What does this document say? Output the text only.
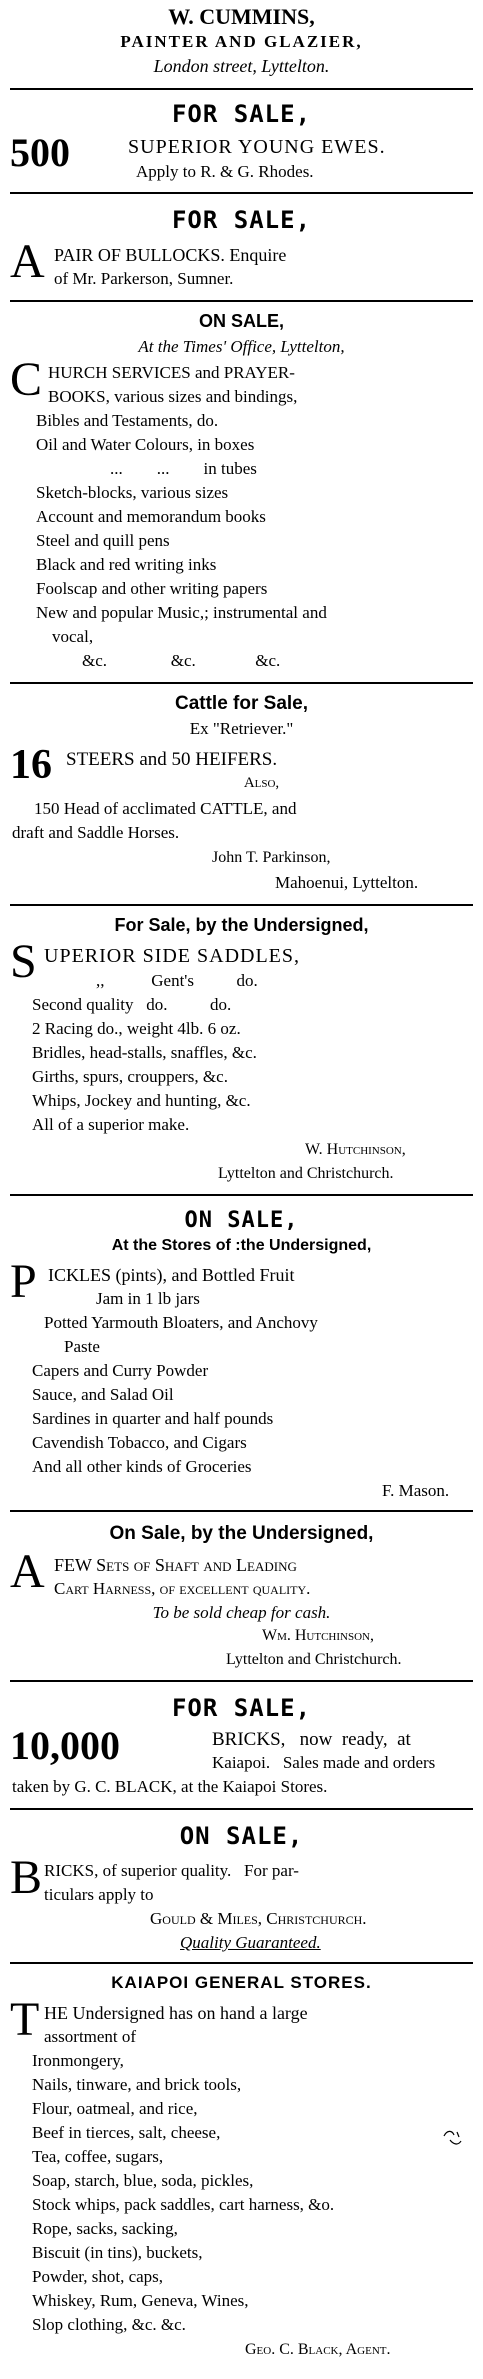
W. CUMMINS,
PAINTER AND GLAZIER,
London street, Lyttelton.
FOR SALE,
500	SUPERIOR YOUNG EWES.
Apply to R. & G. Rhodes.
FOR SALE,
A PAIR OF BULLOCKS. Enquire
of Mr. Parkerson, Sumner.
ON SALE,
At the Times' Office, Lyttelton,
C HURCH SERVICES and PRAYER-
BOOKS, various sizes and bindings,
Bibles and Testaments, do.
Oil and Water Colours, in boxes
...        ...        in tubes
Sketch-blocks, various sizes
Account and memorandum books
Steel and quill pens
Black and red writing inks
Foolscap and other writing papers
New and popular Music,; instrumental and
vocal,
&c.               &c.              &c.
Cattle for Sale,
Ex "Retriever."
16 STEERS and 50 HEIFERS.
Also,
150 Head of acclimated CATTLE, and
draft and Saddle Horses.
John T. Parkinson,
Mahoenui, Lyttelton.
For Sale, by the Undersigned,
S UPERIOR SIDE SADDLES,
,,           Gent's          do.
Second quality   do.          do.
2 Racing do., weight 4lb. 6 oz.
Bridles, head-stalls, snaffles, &c.
Girths, spurs, crouppers, &c.
Whips, Jockey and hunting, &c.
All of a superior make.
W. Hutchinson,
Lyttelton and Christchurch.
ON SALE,
At the Stores of :the Undersigned,
P ICKLES (pints), and Bottled Fruit
Jam in 1 lb jars
Potted Yarmouth Bloaters, and Anchovy
Paste
Capers and Curry Powder
Sauce, and Salad Oil
Sardines in quarter and half pounds
Cavendish Tobacco, and Cigars
And all other kinds of Groceries
F. Mason.
On Sale, by the Undersigned,
A FEW Sets of Shaft and Leading
Cart Harness, of excellent quality.
To be sold cheap for cash.
Wm. Hutchinson,
Lyttelton and Christchurch.
FOR SALE,
10,000	BRICKS,   now  ready,  at
Kaiapoi.   Sales made and orders
taken by G. C. BLACK, at the Kaiapoi Stores.
ON SALE,
B RICKS, of superior quality.   For par-
ticulars apply to
Gould & Miles, Christchurch.
Quality Guaranteed.
KAIAPOI GENERAL STORES.
T HE Undersigned has on hand a large
assortment of
Ironmongery,
Nails, tinware, and brick tools,
Flour, oatmeal, and rice,
Beef in tierces, salt, cheese,
Tea, coffee, sugars,
Soap, starch, blue, soda, pickles,
Stock whips, pack saddles, cart harness, &o.
Rope, sacks, sacking,
Biscuit (in tins), buckets,
Powder, shot, caps,
Whiskey, Rum, Geneva, Wines,
Slop clothing, &c. &c.
Geo. C. Black, Agent.
